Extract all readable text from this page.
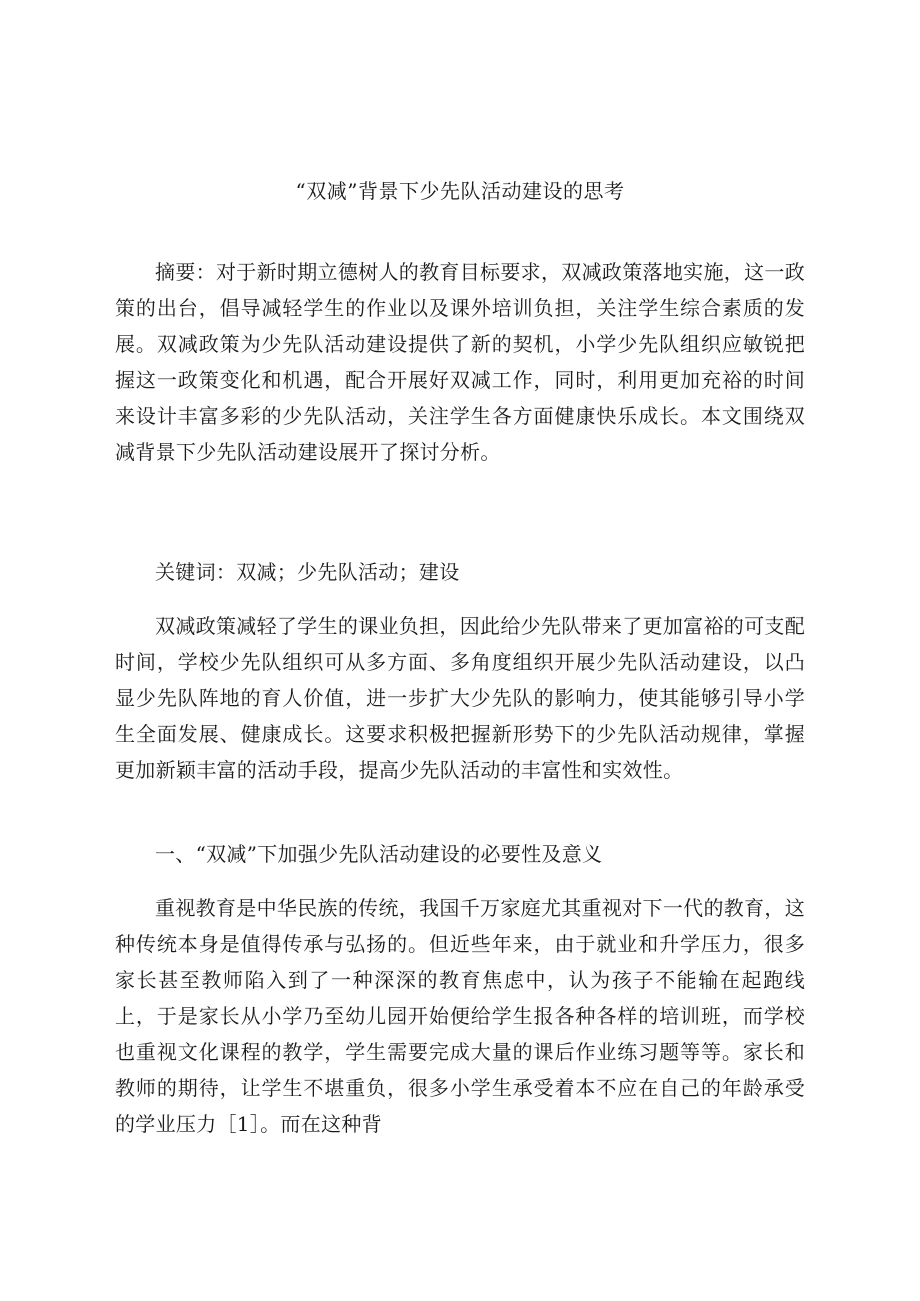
“双减”背景下少先队活动建设的思考

摘要：对于新时期立德树人的教育目标要求，双减政策落地实施，这一政策的出台，倡导减轻学生的作业以及课外培训负担，关注学生综合素质的发展。双减政策为少先队活动建设提供了新的契机，小学少先队组织应敏锐把握这一政策变化和机遇，配合开展好双减工作，同时，利用更加充裕的时间来设计丰富多彩的少先队活动，关注学生各方面健康快乐成长。本文围绕双减背景下少先队活动建设展开了探讨分析。

关键词：双减；少先队活动；建设

双减政策减轻了学生的课业负担，因此给少先队带来了更加富裕的可支配时间，学校少先队组织可从多方面、多角度组织开展少先队活动建设，以凸显少先队阵地的育人价值，进一步扩大少先队的影响力，使其能够引导小学生全面发展、健康成长。这要求积极把握新形势下的少先队活动规律，掌握更加新颖丰富的活动手段，提高少先队活动的丰富性和实效性。

一、“双减”下加强少先队活动建设的必要性及意义

重视教育是中华民族的传统，我国千万家庭尤其重视对下一代的教育，这种传统本身是值得传承与弘扬的。但近些年来，由于就业和升学压力，很多家长甚至教师陷入到了一种深深的教育焦虑中，认为孩子不能输在起跑线上，于是家长从小学乃至幼儿园开始便给学生报各种各样的培训班，而学校也重视文化课程的教学，学生需要完成大量的课后作业练习题等等。家长和教师的期待，让学生不堪重负，很多小学生承受着本不应在自己的年龄承受的学业压力［1］。而在这种背
